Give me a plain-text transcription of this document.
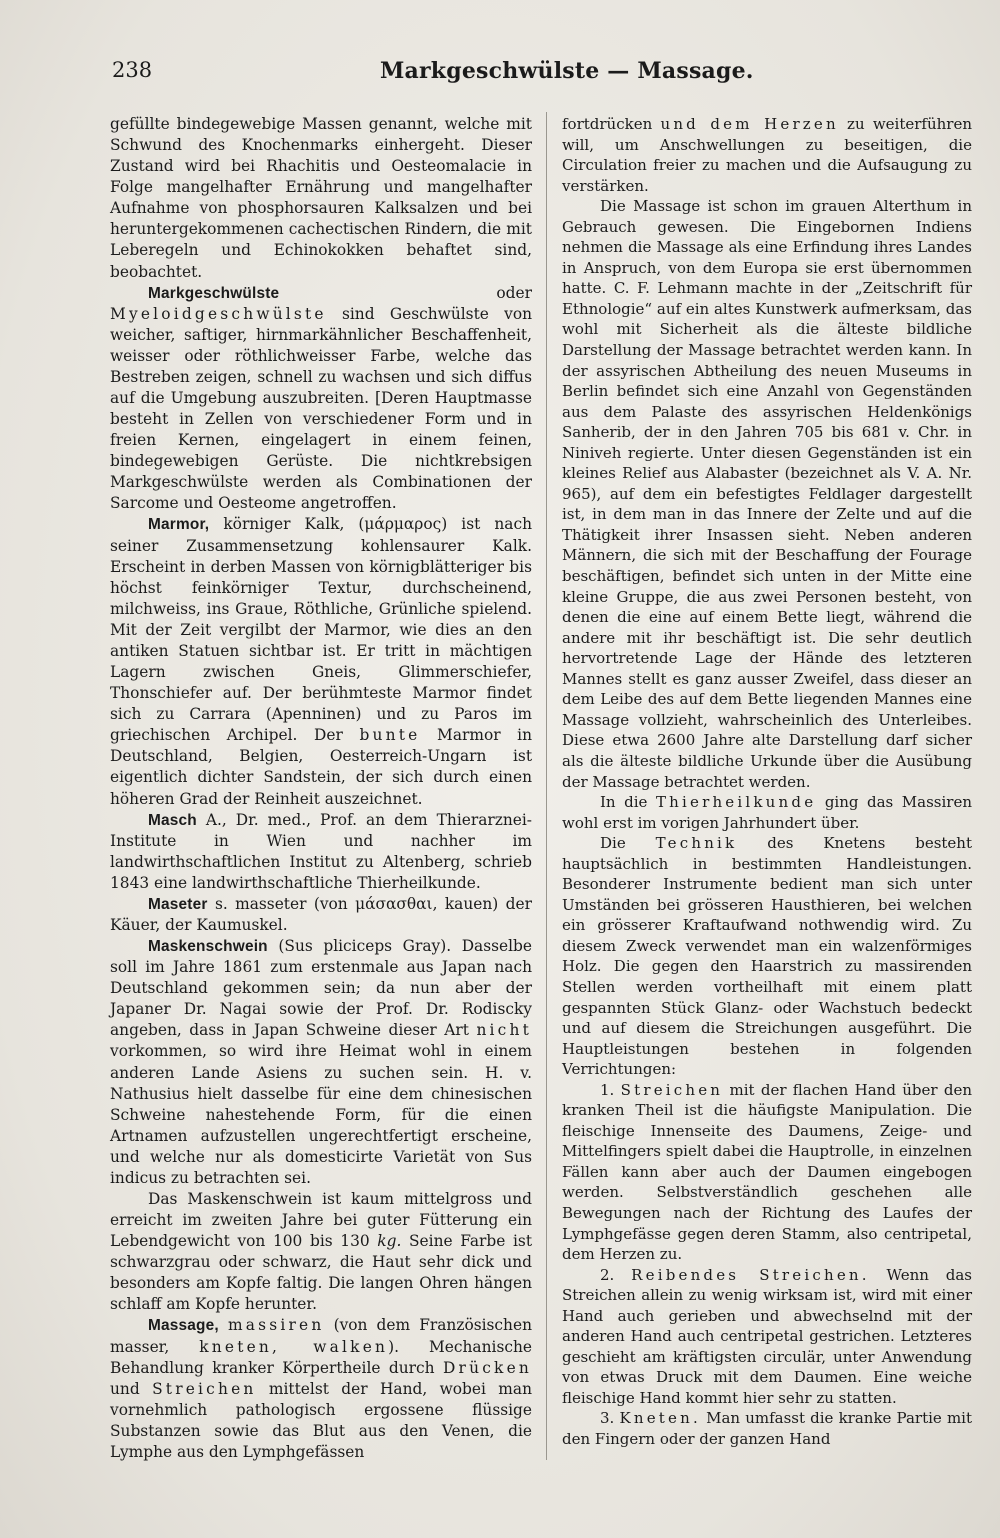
238	Markgeschwülste — Massage.

gefüllte bindegewebige Massen genannt, welche mit Schwund des Knochenmarks einhergeht. Dieser Zustand wird bei Rhachitis und Oesteomalacie in Folge mangelhafter Ernährung und mangelhafter Aufnahme von phosphorsauren Kalksalzen und bei heruntergekommenen cachectischen Rindern, die mit Leberegeln und Echinokokken behaftet sind, beobachtet.

Markgeschwülste oder Myeloidgeschwülste sind Geschwülste von weicher, saftiger, hirnmarkähnlicher Beschaffenheit, weisser oder röthlichweisser Farbe, welche das Bestreben zeigen, schnell zu wachsen und sich diffus auf die Umgebung auszubreiten. [Deren Hauptmasse besteht in Zellen von verschiedener Form und in freien Kernen, eingelagert in einem feinen, bindegewebigen Gerüste. Die nichtkrebsigen Markgeschwülste werden als Combinationen der Sarcome und Oesteome angetroffen.

Marmor, körniger Kalk, (μάρμαρος) ist nach seiner Zusammensetzung kohlensaurer Kalk. Erscheint in derben Massen von körnigblätteriger bis höchst feinkörniger Textur, durchscheinend, milchweiss, ins Graue, Röthliche, Grünliche spielend. Mit der Zeit vergilbt der Marmor, wie dies an den antiken Statuen sichtbar ist. Er tritt in mächtigen Lagern zwischen Gneis, Glimmerschiefer, Thonschiefer auf. Der berühmteste Marmor findet sich zu Carrara (Apenninen) und zu Paros im griechischen Archipel. Der bunte Marmor in Deutschland, Belgien, Oesterreich-Ungarn ist eigentlich dichter Sandstein, der sich durch einen höheren Grad der Reinheit auszeichnet.

Masch A., Dr. med., Prof. an dem Thierarznei-Institute in Wien und nachher im landwirthschaftlichen Institut zu Altenberg, schrieb 1843 eine landwirthschaftliche Thierheilkunde.

Maseter s. masseter (von μάσασθαι, kauen) der Käuer, der Kaumuskel.

Maskenschwein (Sus pliciceps Gray). Dasselbe soll im Jahre 1861 zum erstenmale aus Japan nach Deutschland gekommen sein; da nun aber der Japaner Dr. Nagai sowie der Prof. Dr. Rodiscky angeben, dass in Japan Schweine dieser Art nicht vorkommen, so wird ihre Heimat wohl in einem anderen Lande Asiens zu suchen sein. H. v. Nathusius hielt dasselbe für eine dem chinesischen Schweine nahestehende Form, für die einen Artnamen aufzustellen ungerechtfertigt erscheine, und welche nur als domesticirte Varietät von Sus indicus zu betrachten sei.

Das Maskenschwein ist kaum mittelgross und erreicht im zweiten Jahre bei guter Fütterung ein Lebendgewicht von 100 bis 130 kg. Seine Farbe ist schwarzgrau oder schwarz, die Haut sehr dick und besonders am Kopfe faltig. Die langen Ohren hängen schlaff am Kopfe herunter.

Massage, massiren (von dem Französischen masser, kneten, walken). Mechanische Behandlung kranker Körpertheile durch Drücken und Streichen mittelst der Hand, wobei man vornehmlich pathologisch ergossene flüssige Substanzen sowie das Blut aus den Venen, die Lymphe aus den Lymphgefässen

fortdrücken und dem Herzen zu weiterführen will, um Anschwellungen zu beseitigen, die Circulation freier zu machen und die Aufsaugung zu verstärken.

Die Massage ist schon im grauen Alterthum in Gebrauch gewesen. Die Eingebornen Indiens nehmen die Massage als eine Erfindung ihres Landes in Anspruch, von dem Europa sie erst übernommen hatte. C. F. Lehmann machte in der „Zeitschrift für Ethnologie“ auf ein altes Kunstwerk aufmerksam, das wohl mit Sicherheit als die älteste bildliche Darstellung der Massage betrachtet werden kann. In der assyrischen Abtheilung des neuen Museums in Berlin befindet sich eine Anzahl von Gegenständen aus dem Palaste des assyrischen Heldenkönigs Sanherib, der in den Jahren 705 bis 681 v. Chr. in Niniveh regierte. Unter diesen Gegenständen ist ein kleines Relief aus Alabaster (bezeichnet als V. A. Nr. 965), auf dem ein befestigtes Feldlager dargestellt ist, in dem man in das Innere der Zelte und auf die Thätigkeit ihrer Insassen sieht. Neben anderen Männern, die sich mit der Beschaffung der Fourage beschäftigen, befindet sich unten in der Mitte eine kleine Gruppe, die aus zwei Personen besteht, von denen die eine auf einem Bette liegt, während die andere mit ihr beschäftigt ist. Die sehr deutlich hervortretende Lage der Hände des letzteren Mannes stellt es ganz ausser Zweifel, dass dieser an dem Leibe des auf dem Bette liegenden Mannes eine Massage vollzieht, wahrscheinlich des Unterleibes. Diese etwa 2600 Jahre alte Darstellung darf sicher als die älteste bildliche Urkunde über die Ausübung der Massage betrachtet werden.

In die Thierheilkunde ging das Massiren wohl erst im vorigen Jahrhundert über.

Die Technik des Knetens besteht hauptsächlich in bestimmten Handleistungen. Besonderer Instrumente bedient man sich unter Umständen bei grösseren Hausthieren, bei welchen ein grösserer Kraftaufwand nothwendig wird. Zu diesem Zweck verwendet man ein walzenförmiges Holz. Die gegen den Haarstrich zu massirenden Stellen werden vortheilhaft mit einem platt gespannten Stück Glanz- oder Wachstuch bedeckt und auf diesem die Streichungen ausgeführt. Die Hauptleistungen bestehen in folgenden Verrichtungen:

1. Streichen mit der flachen Hand über den kranken Theil ist die häufigste Manipulation. Die fleischige Innenseite des Daumens, Zeige- und Mittelfingers spielt dabei die Hauptrolle, in einzelnen Fällen kann aber auch der Daumen eingebogen werden. Selbstverständlich geschehen alle Bewegungen nach der Richtung des Laufes der Lymphgefässe gegen deren Stamm, also centripetal, dem Herzen zu.

2. Reibendes Streichen. Wenn das Streichen allein zu wenig wirksam ist, wird mit einer Hand auch gerieben und abwechselnd mit der anderen Hand auch centripetal gestrichen. Letzteres geschieht am kräftigsten circulär, unter Anwendung von etwas Druck mit dem Daumen. Eine weiche fleischige Hand kommt hier sehr zu statten.

3. Kneten. Man umfasst die kranke Partie mit den Fingern oder der ganzen Hand
